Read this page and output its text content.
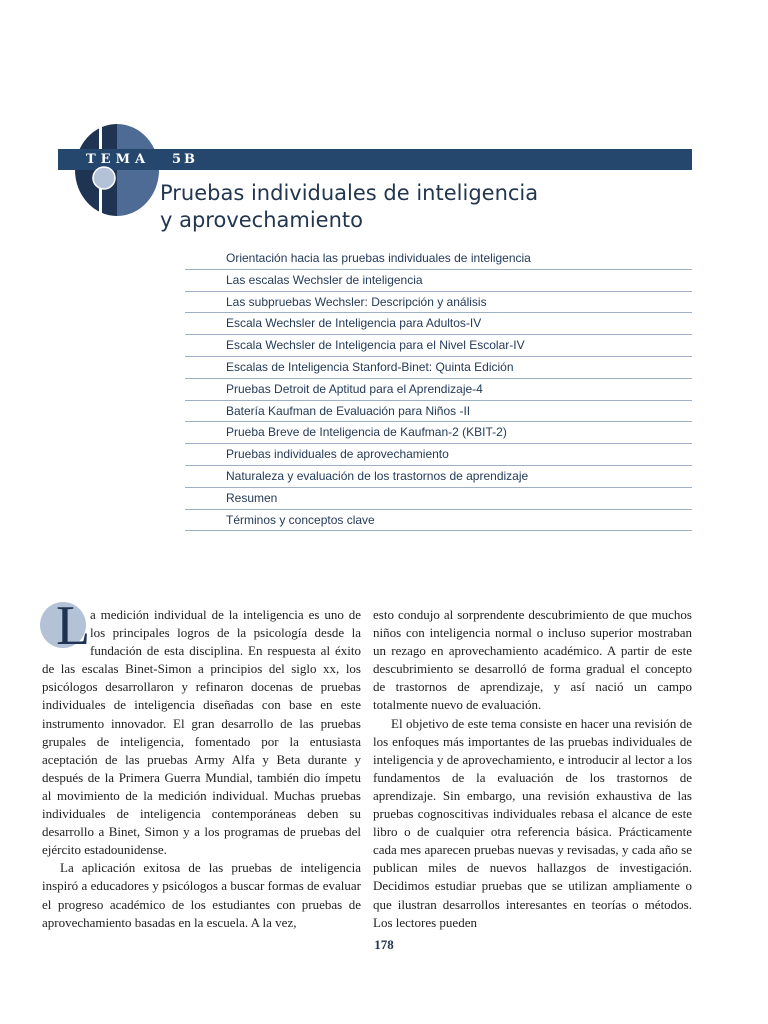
TEMA 5B
Pruebas individuales de inteligencia
y aprovechamiento
Orientación hacia las pruebas individuales de inteligencia
Las escalas Wechsler de inteligencia
Las subpruebas Wechsler: Descripción y análisis
Escala Wechsler de Inteligencia para Adultos-IV
Escala Wechsler de Inteligencia para el Nivel Escolar-IV
Escalas de Inteligencia Stanford-Binet: Quinta Edición
Pruebas Detroit de Aptitud para el Aprendizaje-4
Batería Kaufman de Evaluación para Niños -II
Prueba Breve de Inteligencia de Kaufman-2 (KBIT-2)
Pruebas individuales de aprovechamiento
Naturaleza y evaluación de los trastornos de aprendizaje
Resumen
Términos y conceptos clave
L a medición individual de la inteligencia es uno de los principales logros de la psicología desde la fundación de esta disciplina. En respuesta al éxito de las escalas Binet-Simon a principios del siglo xx, los psicólogos desarrollaron y refinaron docenas de pruebas individuales de inteligencia diseñadas con base en este instrumento innovador. El gran desarrollo de las pruebas grupales de inteligencia, fomentado por la entusiasta aceptación de las pruebas Army Alfa y Beta durante y después de la Primera Guerra Mundial, también dio ímpetu al movimiento de la medición individual. Muchas pruebas individuales de inteligencia contemporáneas deben su desarrollo a Binet, Simon y a los programas de pruebas del ejército estadounidense.

La aplicación exitosa de las pruebas de inteligencia inspiró a educadores y psicólogos a buscar formas de evaluar el progreso académico de los estudiantes con pruebas de aprovechamiento basadas en la escuela. A la vez,

esto condujo al sorprendente descubrimiento de que muchos niños con inteligencia normal o incluso superior mostraban un rezago en aprovechamiento académico. A partir de este descubrimiento se desarrolló de forma gradual el concepto de trastornos de aprendizaje, y así nació un campo totalmente nuevo de evaluación.

El objetivo de este tema consiste en hacer una revisión de los enfoques más importantes de las pruebas individuales de inteligencia y de aprovechamiento, e introducir al lector a los fundamentos de la evaluación de los trastornos de aprendizaje. Sin embargo, una revisión exhaustiva de las pruebas cognoscitivas individuales rebasa el alcance de este libro o de cualquier otra referencia básica. Prácticamente cada mes aparecen pruebas nuevas y revisadas, y cada año se publican miles de nuevos hallazgos de investigación. Decidimos estudiar pruebas que se utilizan ampliamente o que ilustran desarrollos interesantes en teorías o métodos. Los lectores pueden

178
